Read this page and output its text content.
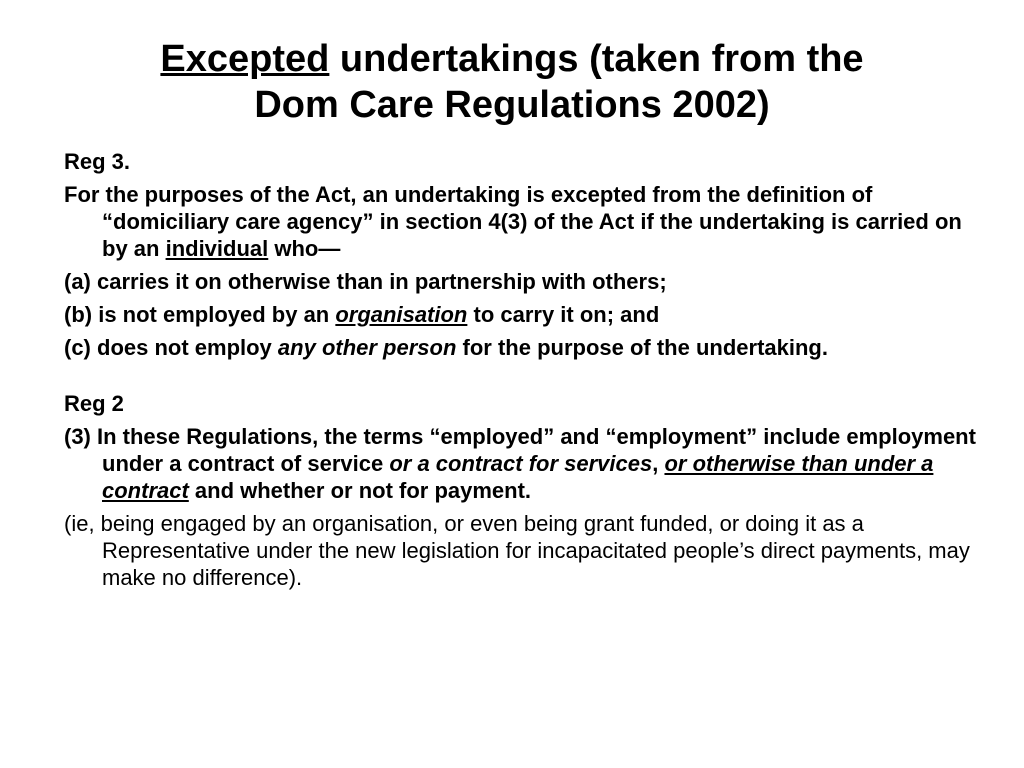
Excepted undertakings (taken from the
Dom Care Regulations 2002)
Reg 3.
For the purposes of the Act, an undertaking is excepted from the definition of “domiciliary care agency” in section 4(3) of the Act if the undertaking is carried on by an individual who—
(a) carries it on otherwise than in partnership with others;
(b) is not employed by an organisation to carry it on; and
(c) does not employ any other person for the purpose of the undertaking.
Reg 2
(3) In these Regulations, the terms “employed” and “employment” include employment under a contract of service or a contract for services, or otherwise than under a contract and whether or not for payment.
(ie, being engaged by an organisation, or even being grant funded, or doing it as a Representative under the new legislation for incapacitated people’s direct payments, may make no difference).
